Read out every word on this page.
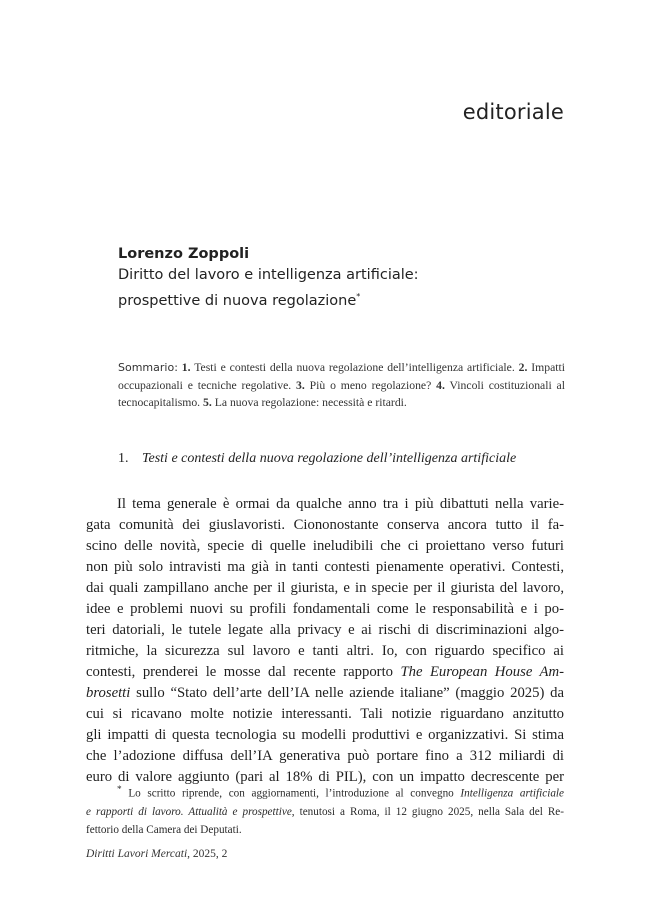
editoriale
Lorenzo Zoppoli
Diritto del lavoro e intelligenza artificiale:
prospettive di nuova regolazione*
Sommario: 1. Testi e contesti della nuova regolazione dell’intelligenza artificiale. 2. Impatti occupazionali e tecniche regolative. 3. Più o meno regolazione? 4. Vincoli costituzionali al tecnocapitalismo. 5. La nuova regolazione: necessità e ritardi.
1. Testi e contesti della nuova regolazione dell’intelligenza artificiale
Il tema generale è ormai da qualche anno tra i più dibattuti nella varie-
gata comunità dei giuslavoristi. Ciononostante conserva ancora tutto il fa-
scino delle novità, specie di quelle ineludibili che ci proiettano verso futuri
non più solo intravisti ma già in tanti contesti pienamente operativi. Contesti,
dai quali zampillano anche per il giurista, e in specie per il giurista del lavoro,
idee e problemi nuovi su profili fondamentali come le responsabilità e i po-
teri datoriali, le tutele legate alla privacy e ai rischi di discriminazioni algo-
ritmiche, la sicurezza sul lavoro e tanti altri. Io, con riguardo specifico ai
contesti, prenderei le mosse dal recente rapporto The European House Am-
brosetti sullo “Stato dell’arte dell’IA nelle aziende italiane” (maggio 2025) da
cui si ricavano molte notizie interessanti. Tali notizie riguardano anzitutto
gli impatti di questa tecnologia su modelli produttivi e organizzativi. Si stima
che l’adozione diffusa dell’IA generativa può portare fino a 312 miliardi di
euro di valore aggiunto (pari al 18% di PIL), con un impatto decrescente per
* Lo scritto riprende, con aggiornamenti, l’introduzione al convegno Intelligenza artificiale
e rapporti di lavoro. Attualità e prospettive, tenutosi a Roma, il 12 giugno 2025, nella Sala del Re-
fettorio della Camera dei Deputati.
Diritti Lavori Mercati, 2025, 2
